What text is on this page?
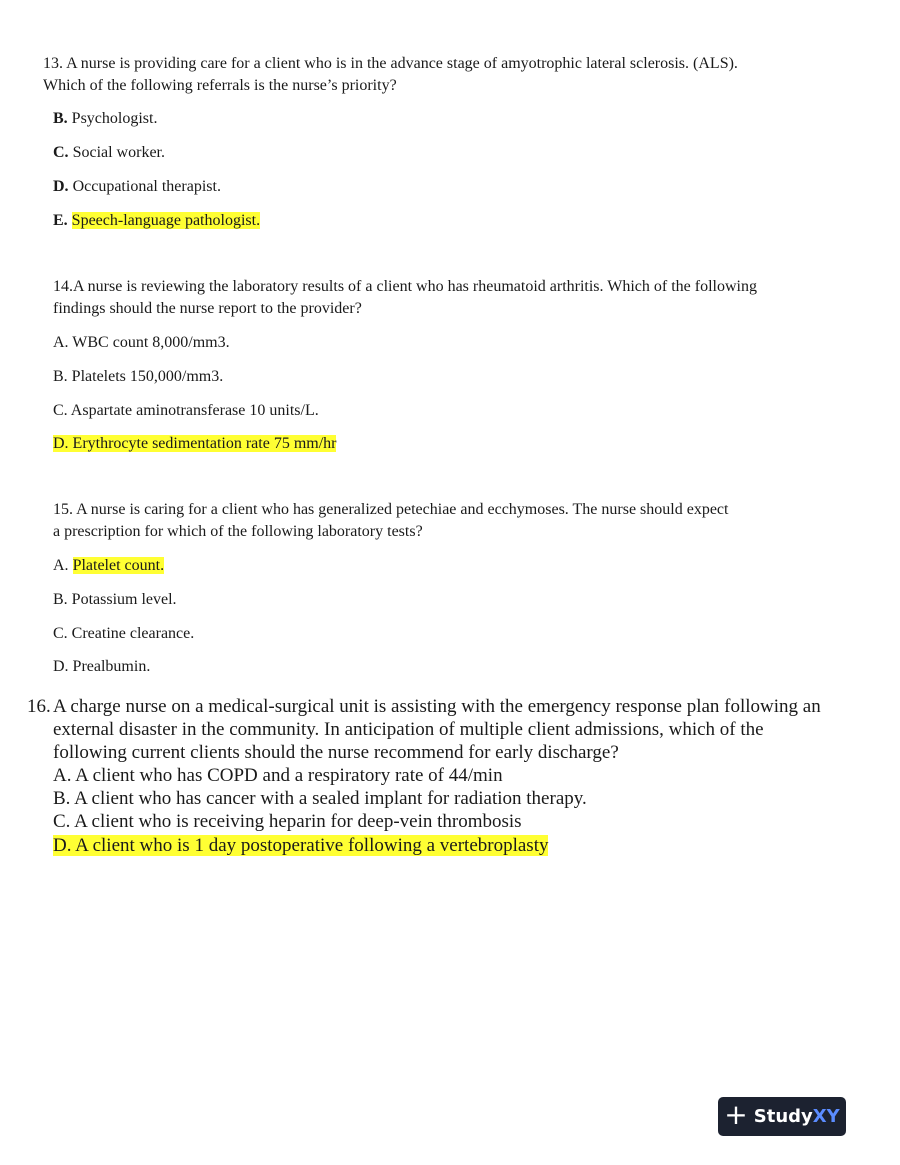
13. A nurse is providing care for a client who is in the advance stage of amyotrophic lateral sclerosis. (ALS).
Which of the following referrals is the nurse’s priority?

B. Psychologist.
C. Social worker.
D. Occupational therapist.
E. Speech-language pathologist.

14.A nurse is reviewing the laboratory results of a client who has rheumatoid arthritis. Which of the following
findings should the nurse report to the provider?

A. WBC count 8,000/mm3.
B. Platelets 150,000/mm3.
C. Aspartate aminotransferase 10 units/L.
D. Erythrocyte sedimentation rate 75 mm/hr

15. A nurse is caring for a client who has generalized petechiae and ecchymoses. The nurse should expect
a prescription for which of the following laboratory tests?

A. Platelet count.
B. Potassium level.
C. Creatine clearance.
D. Prealbumin.
16. A charge nurse on a medical-surgical unit is assisting with the emergency response plan following an
external disaster in the community. In anticipation of multiple client admissions, which of the
following current clients should the nurse recommend for early discharge?

A. A client who has COPD and a respiratory rate of 44/min
B. A client who has cancer with a sealed implant for radiation therapy.
C. A client who is receiving heparin for deep-vein thrombosis
D. A client who is 1 day postoperative following a vertebroplasty
+ StudyXY
